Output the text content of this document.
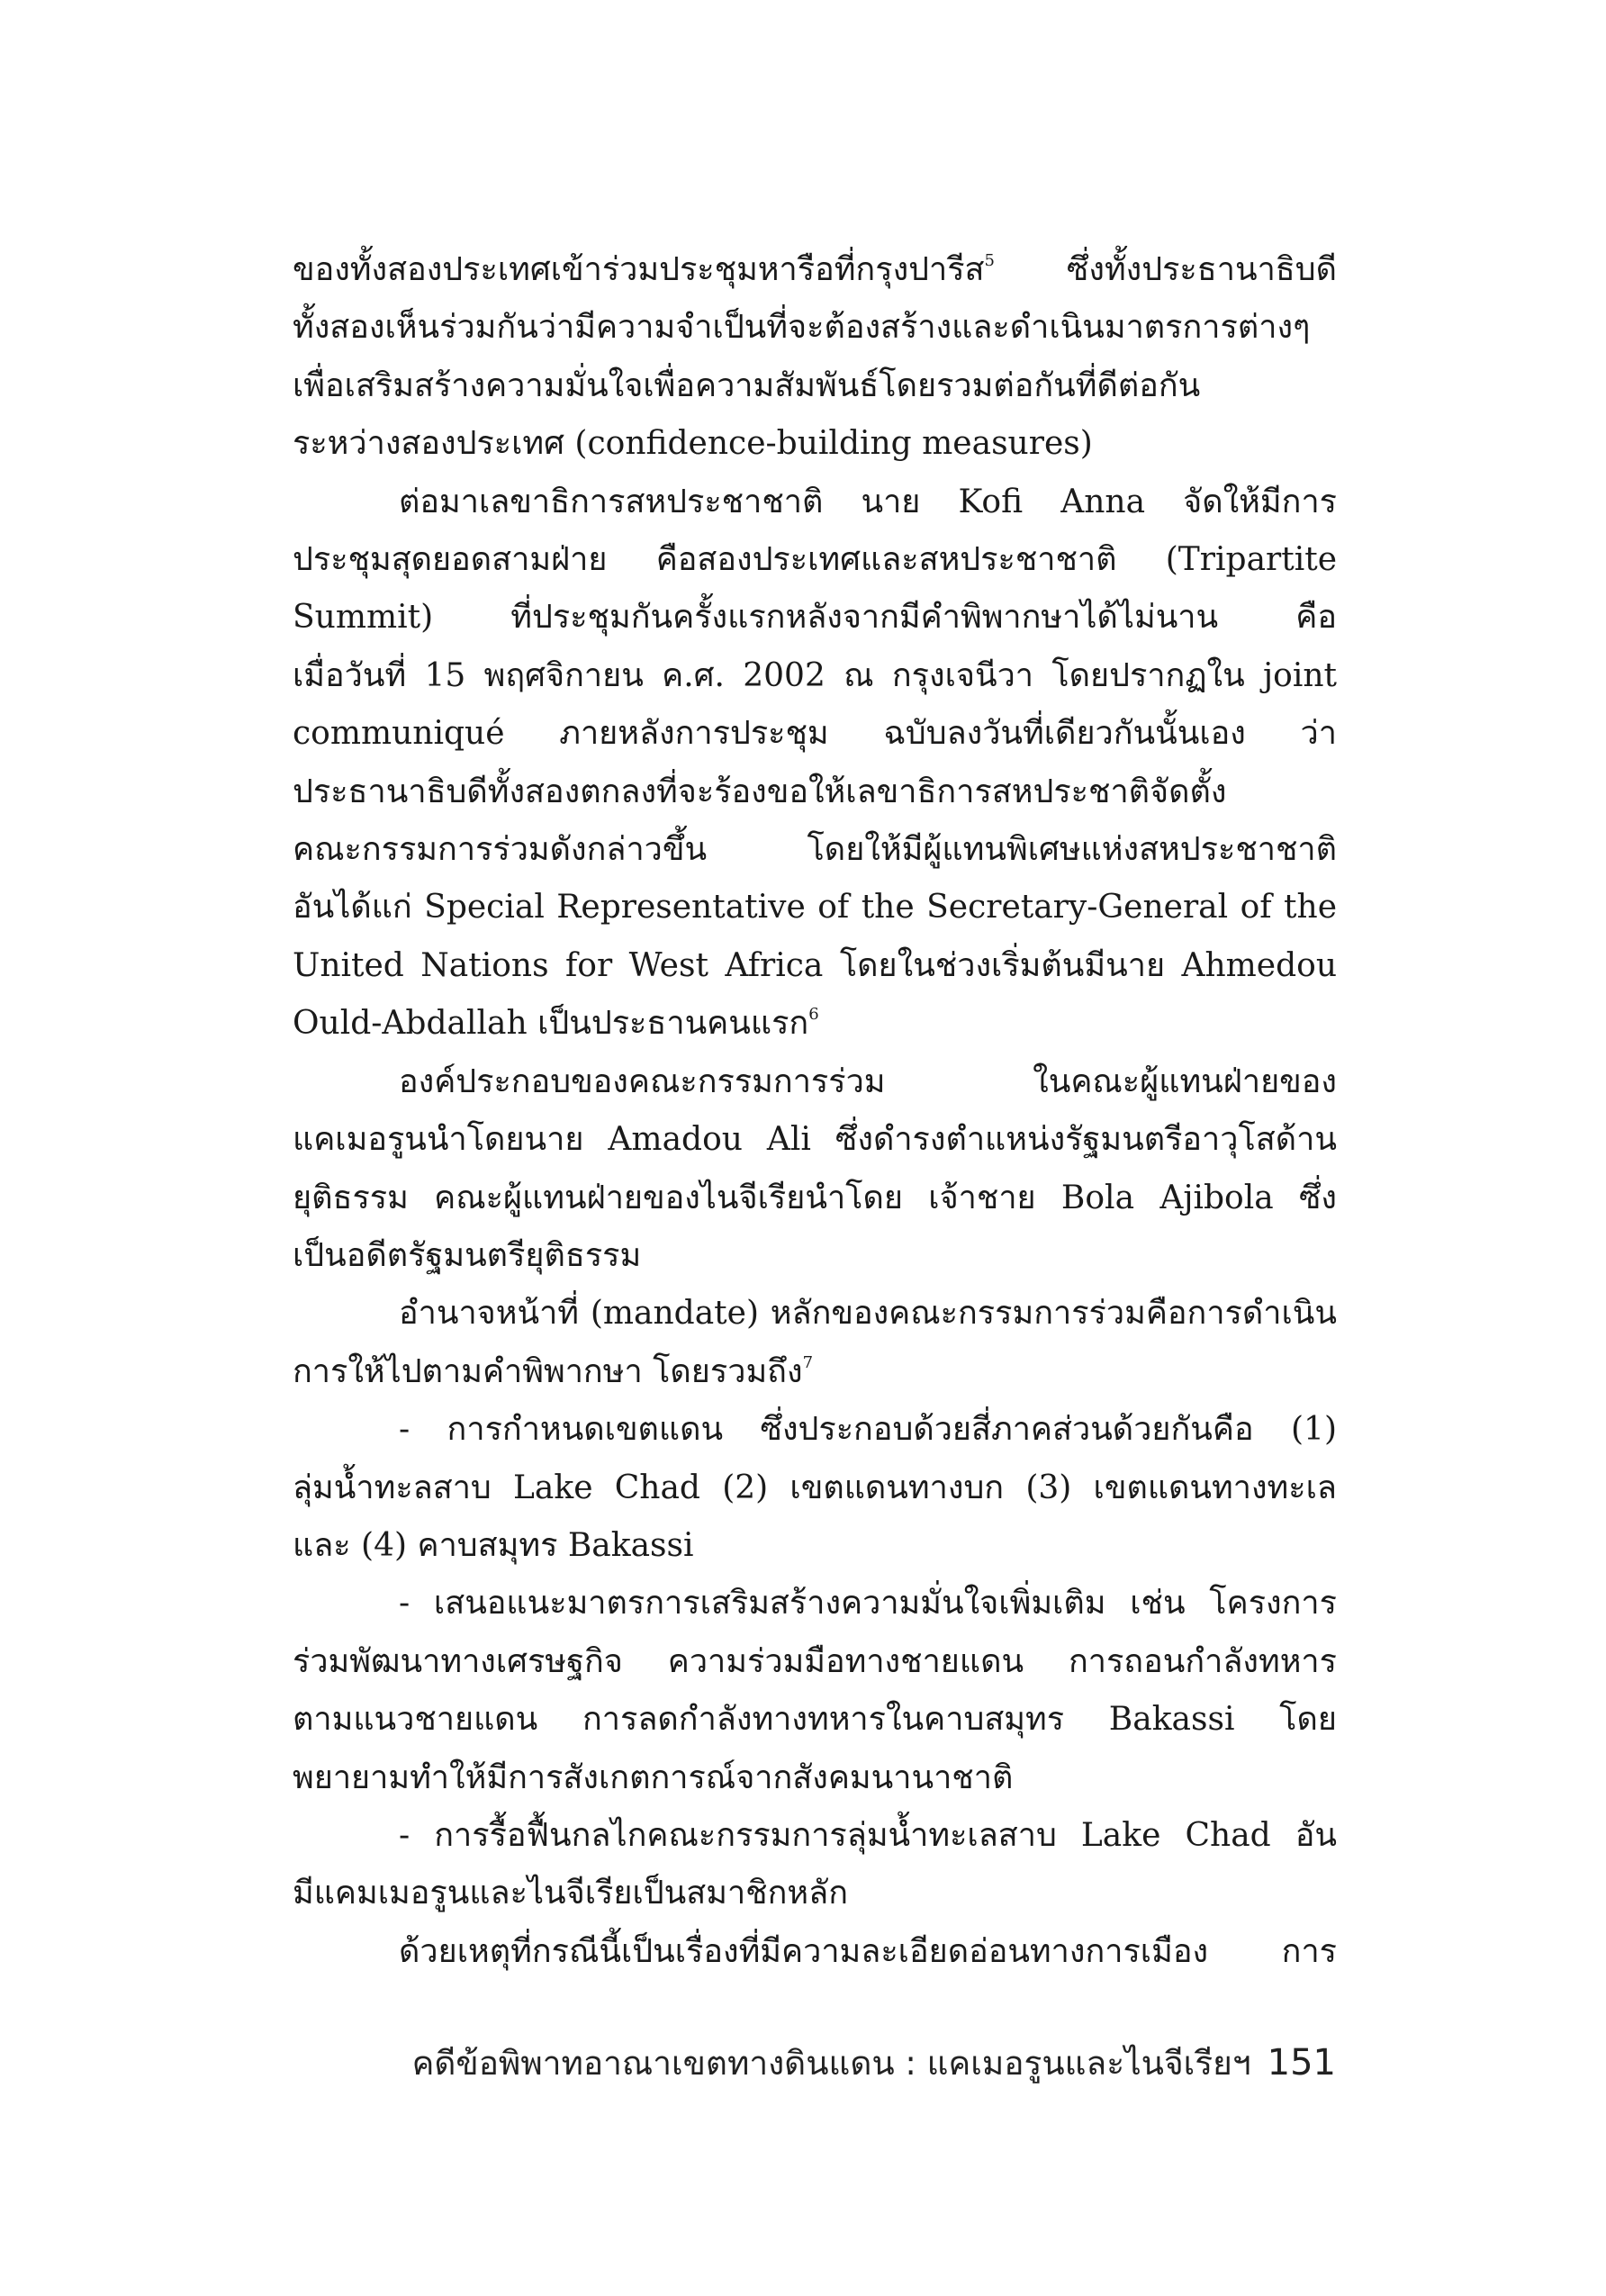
ของทั้งสองประเทศเข้าร่วมประชุมหารือที่กรุงปารีส$^5$ ซึ่งทั้งประธานาธิบดี
ทั้งสองเห็นร่วมกันว่ามีความจำเป็นที่จะต้องสร้างและดำเนินมาตรการต่างๆ
เพื่อเสริมสร้างความมั่นใจเพื่อความสัมพันธ์โดยรวมต่อกันที่ดีต่อกัน
ระหว่างสองประเทศ (confidence-building measures)
ต่อมาเลขาธิการสหประชาชาติ นาย Kofi Anna จัดให้มีการ
ประชุมสุดยอดสามฝ่าย คือสองประเทศและสหประชาชาติ (Tripartite
Summit) ที่ประชุมกันครั้งแรกหลังจากมีคำพิพากษาได้ไม่นาน คือ
เมื่อวันที่ 15 พฤศจิกายน ค.ศ. 2002 ณ กรุงเจนีวา โดยปรากฏใน joint
communiqué ภายหลังการประชุม ฉบับลงวันที่เดียวกันนั้นเอง ว่า
ประธานาธิบดีทั้งสองตกลงที่จะร้องขอให้เลขาธิการสหประชาติจัดตั้ง
คณะกรรมการร่วมดังกล่าวขึ้น โดยให้มีผู้แทนพิเศษแห่งสหประชาชาติ
อันได้แก่ Special Representative of the Secretary-General of the
United Nations for West Africa โดยในช่วงเริ่มต้นมีนาย Ahmedou
Ould-Abdallah เป็นประธานคนแรก$^6$
องค์ประกอบของคณะกรรมการร่วม ในคณะผู้แทนฝ่ายของ
แคเมอรูนนำโดยนาย Amadou Ali ซึ่งดำรงตำแหน่งรัฐมนตรีอาวุโสด้าน
ยุติธรรม คณะผู้แทนฝ่ายของไนจีเรียนำโดย เจ้าชาย Bola Ajibola ซึ่ง
เป็นอดีตรัฐมนตรียุติธรรม
อำนาจหน้าที่ (mandate) หลักของคณะกรรมการร่วมคือการดำเนิน
การให้ไปตามคำพิพากษา โดยรวมถึง$^7$
- การกำหนดเขตแดน ซึ่งประกอบด้วยสี่ภาคส่วนด้วยกันคือ (1)
ลุ่มน้ำทะลสาบ Lake Chad (2) เขตแดนทางบก (3) เขตแดนทางทะเล
และ (4) คาบสมุทร Bakassi
- เสนอแนะมาตรการเสริมสร้างความมั่นใจเพิ่มเติม เช่น โครงการ
ร่วมพัฒนาทางเศรษฐกิจ ความร่วมมือทางชายแดน การถอนกำลังทหาร
ตามแนวชายแดน การลดกำลังทางทหารในคาบสมุทร Bakassi โดย
พยายามทำให้มีการสังเกตการณ์จากสังคมนานาชาติ
- การรื้อฟื้นกลไกคณะกรรมการลุ่มน้ำทะเลสาบ Lake Chad อัน
มีแคมเมอรูนและไนจีเรียเป็นสมาชิกหลัก
ด้วยเหตุที่กรณีนี้เป็นเรื่องที่มีความละเอียดอ่อนทางการเมือง การ
คดีข้อพิพาทอาณาเขตทางดินแดน : แคเมอรูนและไนจีเรียฯ 151
